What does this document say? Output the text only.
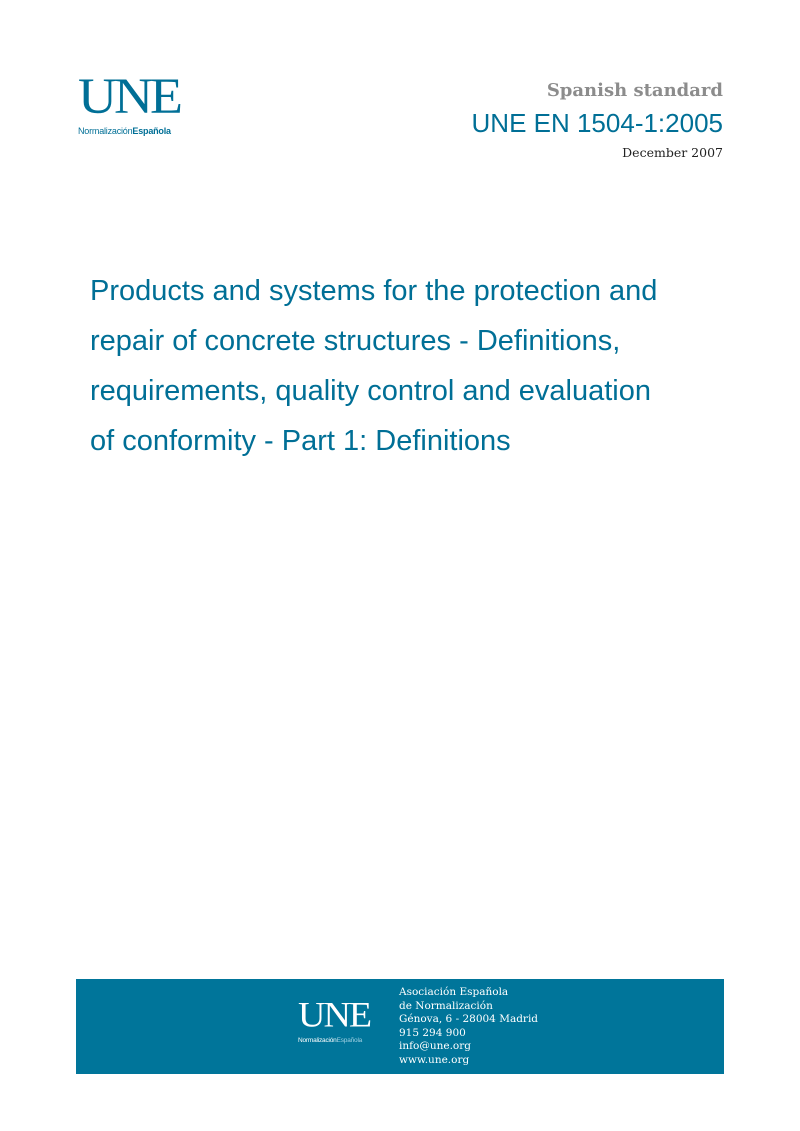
UNE
NormalizaciónEspañola
Spanish standard
UNE EN 1504-1:2005
December 2007
Products and systems for the protection and
repair of concrete structures - Definitions,
requirements, quality control and evaluation
of conformity - Part 1: Definitions
UNE
NormalizaciónEspañola
Asociación Española
de Normalización
Génova, 6 - 28004 Madrid
915 294 900
info@une.org
www.une.org
